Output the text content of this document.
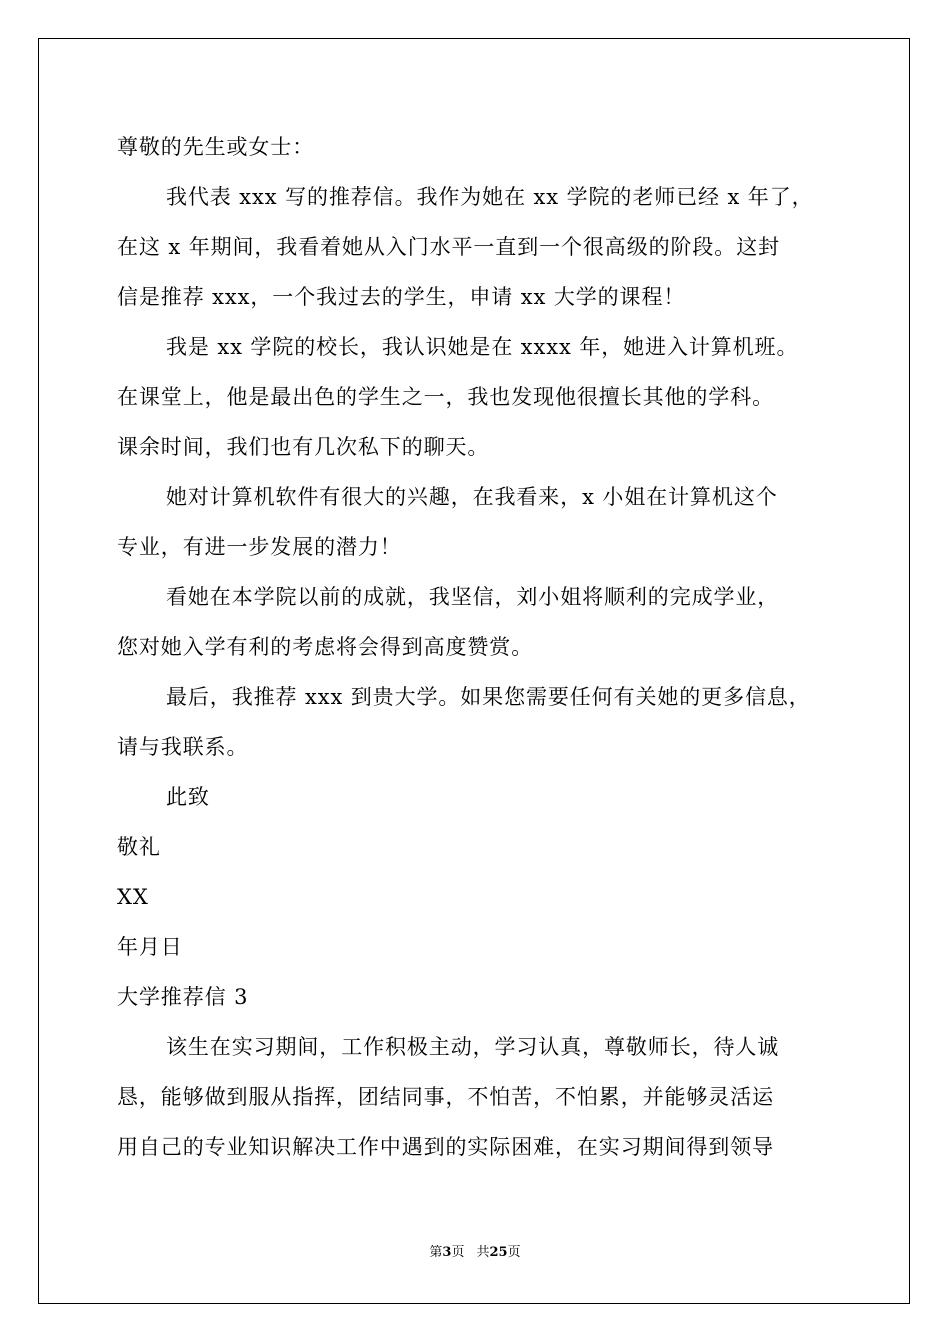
尊敬的先生或女士：
我代表 xxx 写的推荐信。我作为她在 xx 学院的老师已经 x 年了，
在这 x 年期间，我看着她从入门水平一直到一个很高级的阶段。这封
信是推荐 xxx，一个我过去的学生，申请 xx 大学的课程！
我是 xx 学院的校长，我认识她是在 xxxx 年，她进入计算机班。
在课堂上，他是最出色的学生之一，我也发现他很擅长其他的学科。
课余时间，我们也有几次私下的聊天。
她对计算机软件有很大的兴趣，在我看来，x 小姐在计算机这个
专业，有进一步发展的潜力！
看她在本学院以前的成就，我坚信，刘小姐将顺利的完成学业，
您对她入学有利的考虑将会得到高度赞赏。
最后，我推荐 xxx 到贵大学。如果您需要任何有关她的更多信息，
请与我联系。
此致
敬礼
XX
年月日
大学推荐信 3
该生在实习期间，工作积极主动，学习认真，尊敬师长，待人诚
恳，能够做到服从指挥，团结同事，不怕苦，不怕累，并能够灵活运
用自己的专业知识解决工作中遇到的实际困难，在实习期间得到领导
第3页 共25页
